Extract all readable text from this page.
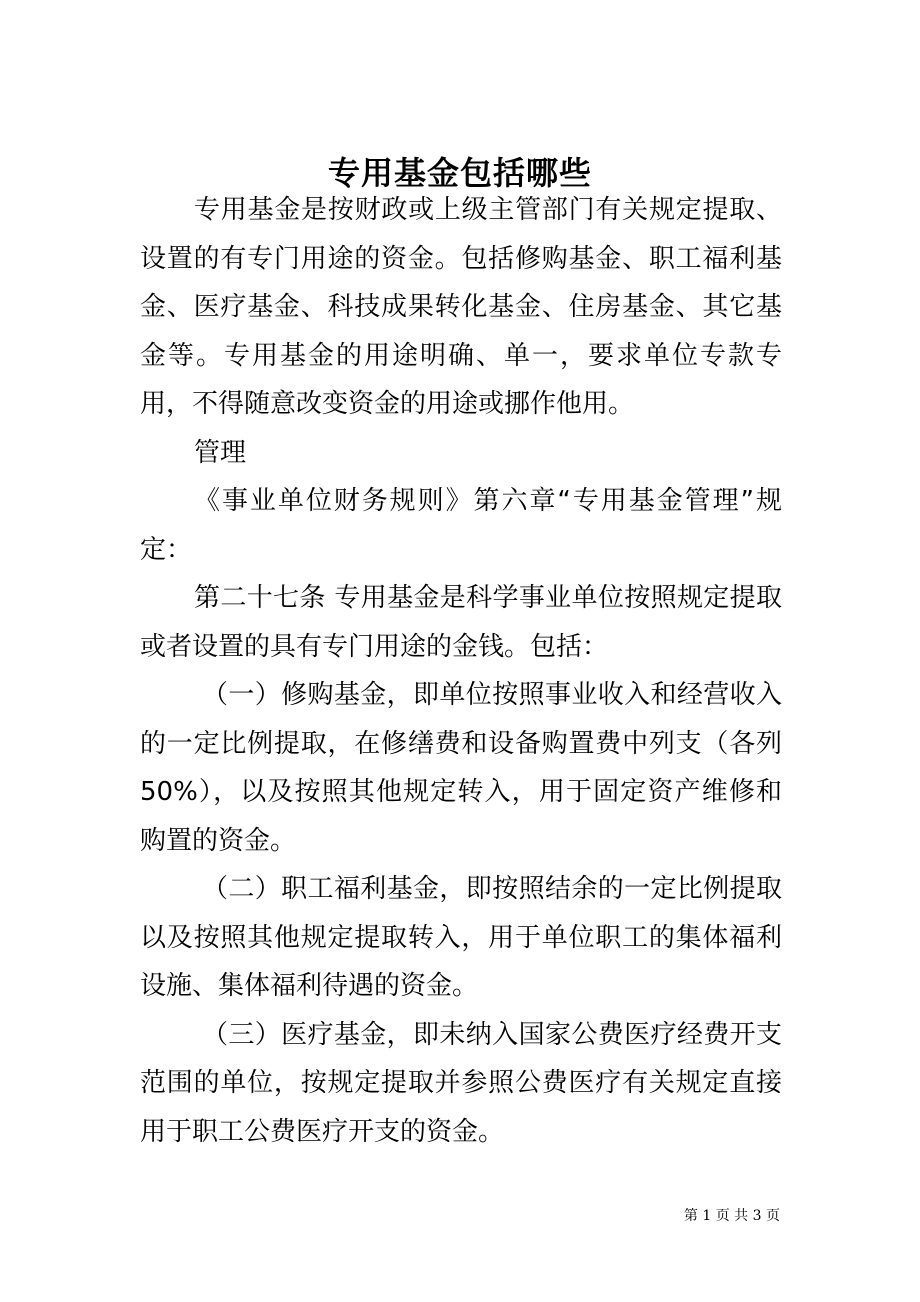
专用基金包括哪些

专用基金是按财政或上级主管部门有关规定提取、设置的有专门用途的资金。包括修购基金、职工福利基金、医疗基金、科技成果转化基金、住房基金、其它基金等。专用基金的用途明确、单一，要求单位专款专用，不得随意改变资金的用途或挪作他用。

管理

《事业单位财务规则》第六章“专用基金管理”规定：

第二十七条 专用基金是科学事业单位按照规定提取或者设置的具有专门用途的金钱。包括：

（一）修购基金，即单位按照事业收入和经营收入的一定比例提取，在修缮费和设备购置费中列支（各列 50%），以及按照其他规定转入，用于固定资产维修和购置的资金。

（二）职工福利基金，即按照结余的一定比例提取以及按照其他规定提取转入，用于单位职工的集体福利设施、集体福利待遇的资金。

（三）医疗基金，即未纳入国家公费医疗经费开支范围的单位，按规定提取并参照公费医疗有关规定直接用于职工公费医疗开支的资金。

第 1 页 共 3 页
